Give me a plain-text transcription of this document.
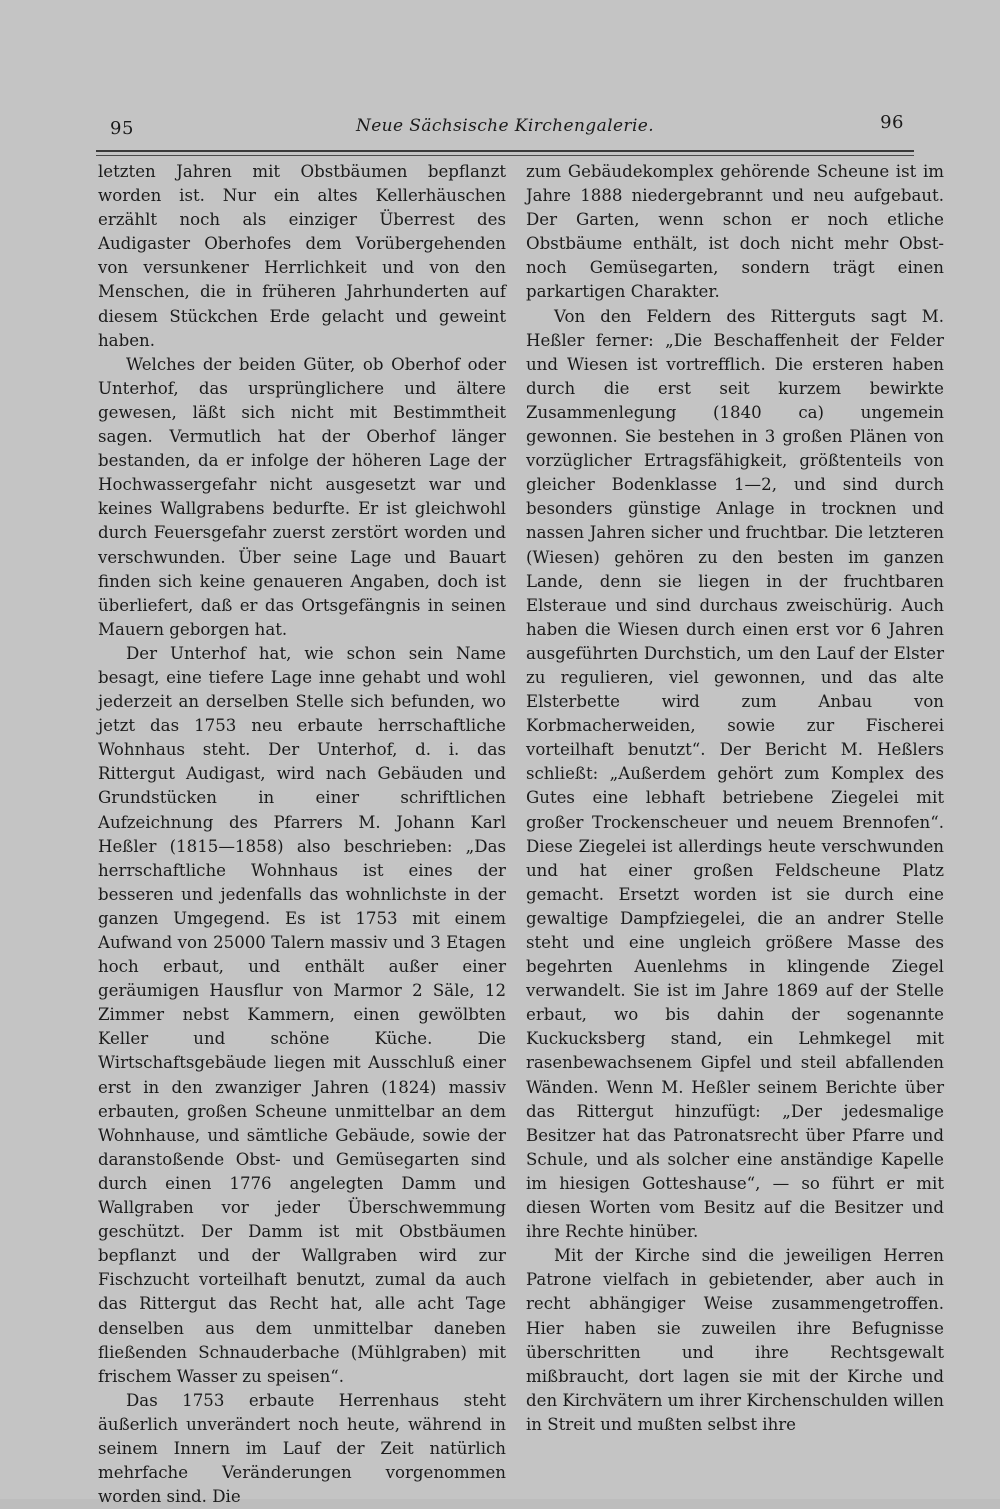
95	Neue Sächsische Kirchengalerie.	96

letzten Jahren mit Obstbäumen bepflanzt worden ist. Nur ein altes Kellerhäuschen erzählt noch als einziger Überrest des Audigaster Oberhofes dem Vorübergehenden von versunkener Herrlichkeit und von den Menschen, die in früheren Jahrhunderten auf diesem Stückchen Erde gelacht und geweint haben.

Welches der beiden Güter, ob Oberhof oder Unterhof, das ursprünglichere und ältere gewesen, läßt sich nicht mit Bestimmtheit sagen. Vermutlich hat der Oberhof länger bestanden, da er infolge der höheren Lage der Hochwassergefahr nicht ausgesetzt war und keines Wallgrabens bedurfte. Er ist gleichwohl durch Feuersgefahr zuerst zerstört worden und verschwunden. Über seine Lage und Bauart finden sich keine genaueren Angaben, doch ist überliefert, daß er das Ortsgefängnis in seinen Mauern geborgen hat.

Der Unterhof hat, wie schon sein Name besagt, eine tiefere Lage inne gehabt und wohl jederzeit an derselben Stelle sich befunden, wo jetzt das 1753 neu erbaute herrschaftliche Wohnhaus steht. Der Unterhof, d. i. das Rittergut Audigast, wird nach Gebäuden und Grundstücken in einer schriftlichen Aufzeichnung des Pfarrers M. Johann Karl Heßler (1815—1858) also beschrieben: „Das herrschaftliche Wohnhaus ist eines der besseren und jedenfalls das wohnlichste in der ganzen Umgegend. Es ist 1753 mit einem Aufwand von 25000 Talern massiv und 3 Etagen hoch erbaut, und enthält außer einer geräumigen Hausflur von Marmor 2 Säle, 12 Zimmer nebst Kammern, einen gewölbten Keller und schöne Küche. Die Wirtschaftsgebäude liegen mit Ausschluß einer erst in den zwanziger Jahren (1824) massiv erbauten, großen Scheune unmittelbar an dem Wohnhause, und sämtliche Gebäude, sowie der daranstoßende Obst- und Gemüsegarten sind durch einen 1776 angelegten Damm und Wallgraben vor jeder Überschwemmung geschützt. Der Damm ist mit Obstbäumen bepflanzt und der Wallgraben wird zur Fischzucht vorteilhaft benutzt, zumal da auch das Rittergut das Recht hat, alle acht Tage denselben aus dem unmittelbar daneben fließenden Schnauderbache (Mühlgraben) mit frischem Wasser zu speisen“.

Das 1753 erbaute Herrenhaus steht äußerlich unverändert noch heute, während in seinem Innern im Lauf der Zeit natürlich mehrfache Veränderungen vorgenommen worden sind. Die

zum Gebäudekomplex gehörende Scheune ist im Jahre 1888 niedergebrannt und neu aufgebaut. Der Garten, wenn schon er noch etliche Obstbäume enthält, ist doch nicht mehr Obst- noch Gemüsegarten, sondern trägt einen parkartigen Charakter.

Von den Feldern des Ritterguts sagt M. Heßler ferner: „Die Beschaffenheit der Felder und Wiesen ist vortrefflich. Die ersteren haben durch die erst seit kurzem bewirkte Zusammenlegung (1840 ca) ungemein gewonnen. Sie bestehen in 3 großen Plänen von vorzüglicher Ertragsfähigkeit, größtenteils von gleicher Bodenklasse 1—2, und sind durch besonders günstige Anlage in trocknen und nassen Jahren sicher und fruchtbar. Die letzteren (Wiesen) gehören zu den besten im ganzen Lande, denn sie liegen in der fruchtbaren Elsteraue und sind durchaus zweischürig. Auch haben die Wiesen durch einen erst vor 6 Jahren ausgeführten Durchstich, um den Lauf der Elster zu regulieren, viel gewonnen, und das alte Elsterbette wird zum Anbau von Korbmacherweiden, sowie zur Fischerei vorteilhaft benutzt“. Der Bericht M. Heßlers schließt: „Außerdem gehört zum Komplex des Gutes eine lebhaft betriebene Ziegelei mit großer Trockenscheuer und neuem Brennofen“. Diese Ziegelei ist allerdings heute verschwunden und hat einer großen Feldscheune Platz gemacht. Ersetzt worden ist sie durch eine gewaltige Dampfziegelei, die an andrer Stelle steht und eine ungleich größere Masse des begehrten Auenlehms in klingende Ziegel verwandelt. Sie ist im Jahre 1869 auf der Stelle erbaut, wo bis dahin der sogenannte Kuckucksberg stand, ein Lehmkegel mit rasenbewachsenem Gipfel und steil abfallenden Wänden. Wenn M. Heßler seinem Berichte über das Rittergut hinzufügt: „Der jedesmalige Besitzer hat das Patronatsrecht über Pfarre und Schule, und als solcher eine anständige Kapelle im hiesigen Gotteshause“, — so führt er mit diesen Worten vom Besitz auf die Besitzer und ihre Rechte hinüber.

Mit der Kirche sind die jeweiligen Herren Patrone vielfach in gebietender, aber auch in recht abhängiger Weise zusammengetroffen. Hier haben sie zuweilen ihre Befugnisse überschritten und ihre Rechtsgewalt mißbraucht, dort lagen sie mit der Kirche und den Kirchvätern um ihrer Kirchenschulden willen in Streit und mußten selbst ihre
